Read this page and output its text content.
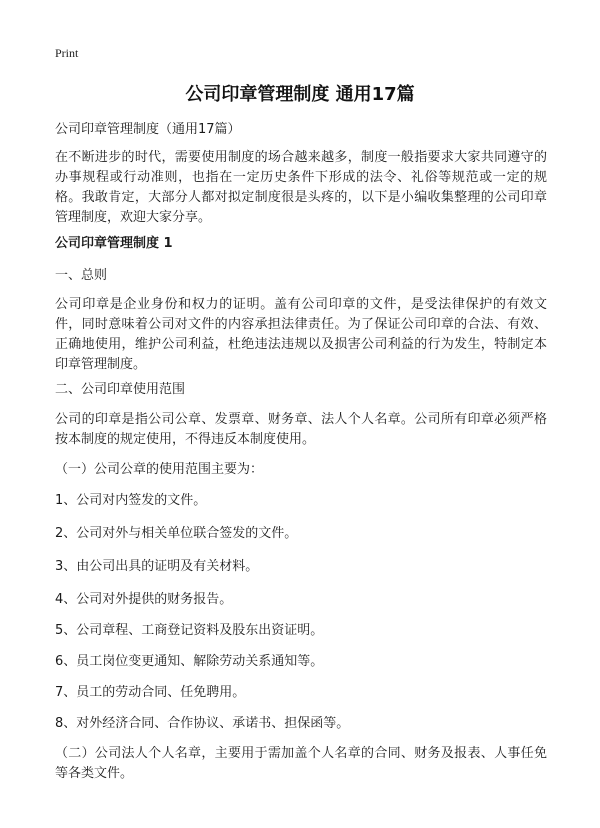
Print
公司印章管理制度 通用17篇
公司印章管理制度（通用17篇）
在不断进步的时代，需要使用制度的场合越来越多，制度一般指要求大家共同遵守的办事规程或行动准则，也指在一定历史条件下形成的法令、礼俗等规范或一定的规格。我敢肯定，大部分人都对拟定制度很是头疼的，以下是小编收集整理的公司印章管理制度，欢迎大家分享。
公司印章管理制度 1
一、总则
公司印章是企业身份和权力的证明。盖有公司印章的文件，是受法律保护的有效文件，同时意味着公司对文件的内容承担法律责任。为了保证公司印章的合法、有效、正确地使用，维护公司利益，杜绝违法违规以及损害公司利益的行为发生，特制定本印章管理制度。
二、公司印章使用范围
公司的印章是指公司公章、发票章、财务章、法人个人名章。公司所有印章必须严格按本制度的规定使用，不得违反本制度使用。
（一）公司公章的使用范围主要为：
1、公司对内签发的文件。
2、公司对外与相关单位联合签发的文件。
3、由公司出具的证明及有关材料。
4、公司对外提供的财务报告。
5、公司章程、工商登记资料及股东出资证明。
6、员工岗位变更通知、解除劳动关系通知等。
7、员工的劳动合同、任免聘用。
8、对外经济合同、合作协议、承诺书、担保函等。
（二）公司法人个人名章，主要用于需加盖个人名章的合同、财务及报表、人事任免等各类文件。
